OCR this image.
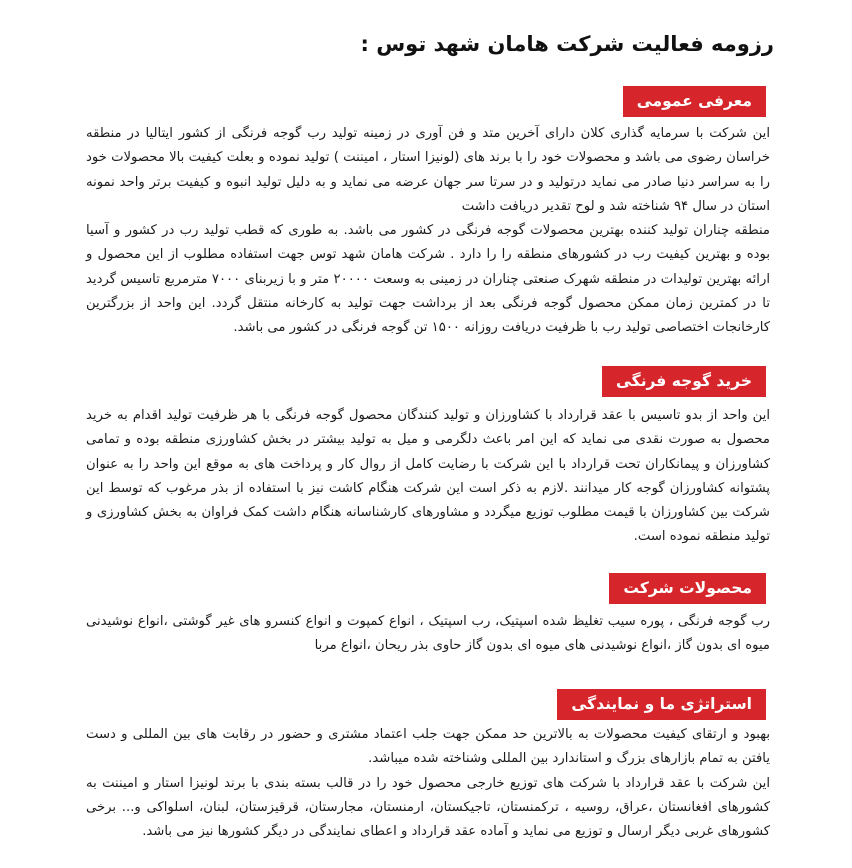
رزومه فعالیت شرکت هامان شهد توس :
معرفی عمومی

این شرکت با سرمایه گذاری کلان دارای آخرین متد و فن آوری در زمینه تولید رب گوجه فرنگی از کشور ایتالیا در منطقه خراسان رضوی می باشد و محصولات خود را با برند های (لونیزا استار ، امیننت ) تولید نموده و بعلت کیفیت بالا محصولات خود را به سراسر دنیا صادر می نماید درتولید و در سرتا سر جهان عرضه می نماید و به دلیل تولید انبوه و کیفیت برتر واحد نمونه استان در سال ۹۴ شناخته شد و لوح تقدیر دریافت داشت

منطقه چناران تولید کننده بهترین محصولات گوجه فرنگی در کشور می باشد. به طوری که قطب تولید رب در کشور و آسیا بوده و بهترین کیفیت رب در کشورهای منطقه را را دارد . شرکت هامان شهد توس جهت استفاده مطلوب از این محصول و ارائه بهترین تولیدات در منطقه شهرک صنعتی چناران در زمینی به وسعت ۲۰۰۰۰ متر و با زیربنای ۷۰۰۰ مترمربع تاسیس گردید تا در کمترین زمان ممکن محصول گوجه فرنگی بعد از برداشت جهت تولید به کارخانه منتقل گردد. این واحد از بزرگترین کارخانجات اختصاصی تولید رب با ظرفیت دریافت روزانه ۱۵۰۰ تن گوجه فرنگی در کشور می باشد.

خرید گوجه فرنگی

این واحد از بدو تاسیس با عقد قرارداد با کشاورزان و تولید کنندگان محصول گوجه فرنگی با هر ظرفیت تولید اقدام به خرید محصول به صورت نقدی می نماید که این امر باعث دلگرمی و میل به تولید بیشتر در بخش کشاورزی منطقه بوده و تمامی کشاورزان و پیمانکاران تحت قرارداد با این شرکت با رضایت کامل از روال کار و پرداخت های به موقع این واحد را به عنوان پشتوانه کشاورزان گوجه کار میدانند .لازم به ذکر است این شرکت هنگام کاشت نیز با استفاده از بذر مرغوب که توسط این شرکت بین کشاورزان با قیمت مطلوب توزیع میگردد و مشاورهای کارشناسانه هنگام داشت کمک فراوان به بخش کشاورزی و تولید منطقه نموده است.

محصولات شرکت

رب گوجه فرنگی ، پوره سیب تغلیظ شده اسپتیک، رب اسپتیک ، انواع کمپوت و انواع کنسرو های غیر گوشتی ،انواع نوشیدنی میوه ای بدون گاز ،انواع نوشیدنی های میوه ای بدون گاز حاوی بذر ریحان ،انواع مربا

استراتژی ما و نمایندگی

بهبود و ارتقای کیفیت محصولات به بالاترین حد ممکن جهت جلب اعتماد مشتری و حضور در رقابت های بین المللی و دست یافتن به تمام بازارهای بزرگ و استاندارد بین المللی وشناخته شده میباشد.

این شرکت با عقد قرارداد با شرکت های توزیع خارجی محصول خود را در قالب بسته بندی با برند لونیزا استار و امیننت به کشورهای افغانستان ،عراق، روسیه ، ترکمنستان، تاجیکستان، ارمنستان، مجارستان، قرقیزستان، لبنان، اسلواکی و... برخی کشورهای غربی دیگر ارسال و توزیع می نماید و آماده عقد قرارداد و اعطای نمایندگی در دیگر کشورها نیز می باشد.
